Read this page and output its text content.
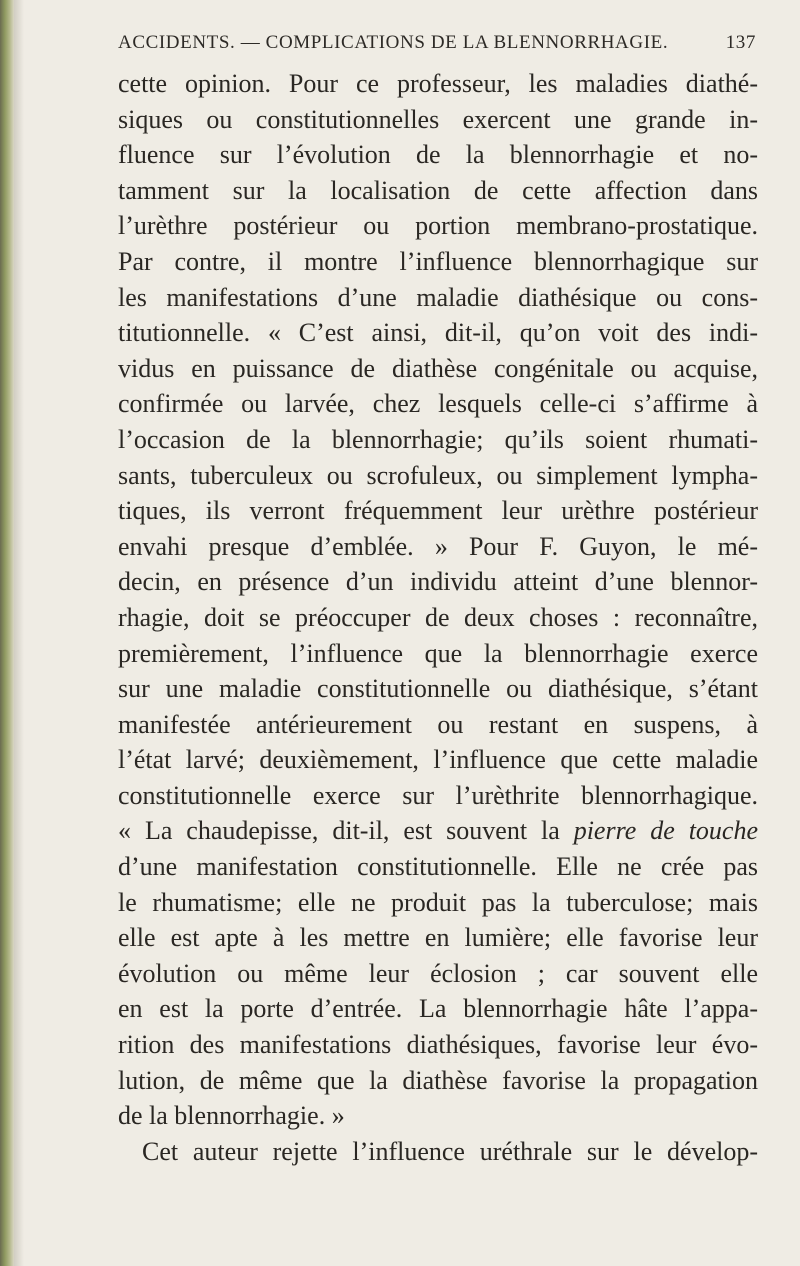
ACCIDENTS. — COMPLICATIONS DE LA BLENNORRHAGIE.	137
cette opinion. Pour ce professeur, les maladies diathé-
siques ou constitutionnelles exercent une grande in-
fluence sur l’évolution de la blennorrhagie et no-
tamment sur la localisation de cette affection dans
l’urèthre postérieur ou portion membrano-prostatique.
Par contre, il montre l’influence blennorrhagique sur
les manifestations d’une maladie diathésique ou cons-
titutionnelle. « C’est ainsi, dit-il, qu’on voit des indi-
vidus en puissance de diathèse congénitale ou acquise,
confirmée ou larvée, chez lesquels celle-ci s’affirme à
l’occasion de la blennorrhagie; qu’ils soient rhumati-
sants, tuberculeux ou scrofuleux, ou simplement lympha-
tiques, ils verront fréquemment leur urèthre postérieur
envahi presque d’emblée. » Pour F. Guyon, le mé-
decin, en présence d’un individu atteint d’une blennor-
rhagie, doit se préoccuper de deux choses : reconnaître,
premièrement, l’influence que la blennorrhagie exerce
sur une maladie constitutionnelle ou diathésique, s’étant
manifestée antérieurement ou restant en suspens, à
l’état larvé; deuxièmement, l’influence que cette maladie
constitutionnelle exerce sur l’urèthrite blennorrhagique.
« La chaudepisse, dit-il, est souvent la pierre de touche
d’une manifestation constitutionnelle. Elle ne crée pas
le rhumatisme; elle ne produit pas la tuberculose; mais
elle est apte à les mettre en lumière; elle favorise leur
évolution ou même leur éclosion ; car souvent elle
en est la porte d’entrée. La blennorrhagie hâte l’appa-
rition des manifestations diathésiques, favorise leur évo-
lution, de même que la diathèse favorise la propagation
de la blennorrhagie. »
Cet auteur rejette l’influence uréthrale sur le dévelop-
